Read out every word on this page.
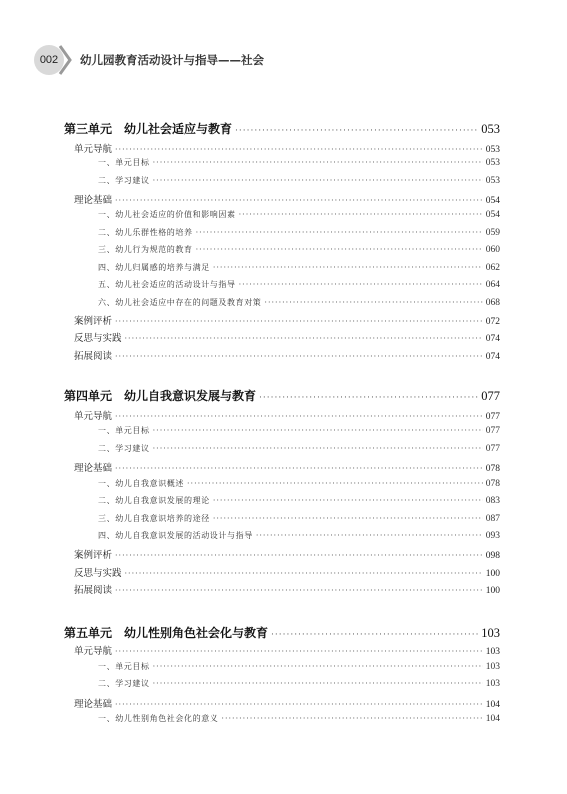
002 幼儿园教育活动设计与指导——社会
第三单元 幼儿社会适应与教育 ·····	053
单元导航 ·····	053
一、单元目标 ·····	053
二、学习建议 ·····	053
理论基础 ·····	054
一、幼儿社会适应的价值和影响因素 ·····	054
二、幼儿乐群性格的培养 ·····	059
三、幼儿行为规范的教育 ·····	060
四、幼儿归属感的培养与满足 ·····	062
五、幼儿社会适应的活动设计与指导 ·····	064
六、幼儿社会适应中存在的问题及教育对策 ·····	068
案例评析 ·····	072
反思与实践 ·····	074
拓展阅读 ·····	074
第四单元 幼儿自我意识发展与教育 ·····	077
单元导航 ·····	077
一、单元目标 ·····	077
二、学习建议 ·····	077
理论基础 ·····	078
一、幼儿自我意识概述 ·····	078
二、幼儿自我意识发展的理论 ·····	083
三、幼儿自我意识培养的途径 ·····	087
四、幼儿自我意识发展的活动设计与指导 ·····	093
案例评析 ·····	098
反思与实践 ·····	100
拓展阅读 ·····	100
第五单元 幼儿性别角色社会化与教育 ·····	103
单元导航 ·····	103
一、单元目标 ·····	103
二、学习建议 ·····	103
理论基础 ·····	104
一、幼儿性别角色社会化的意义 ·····	104
